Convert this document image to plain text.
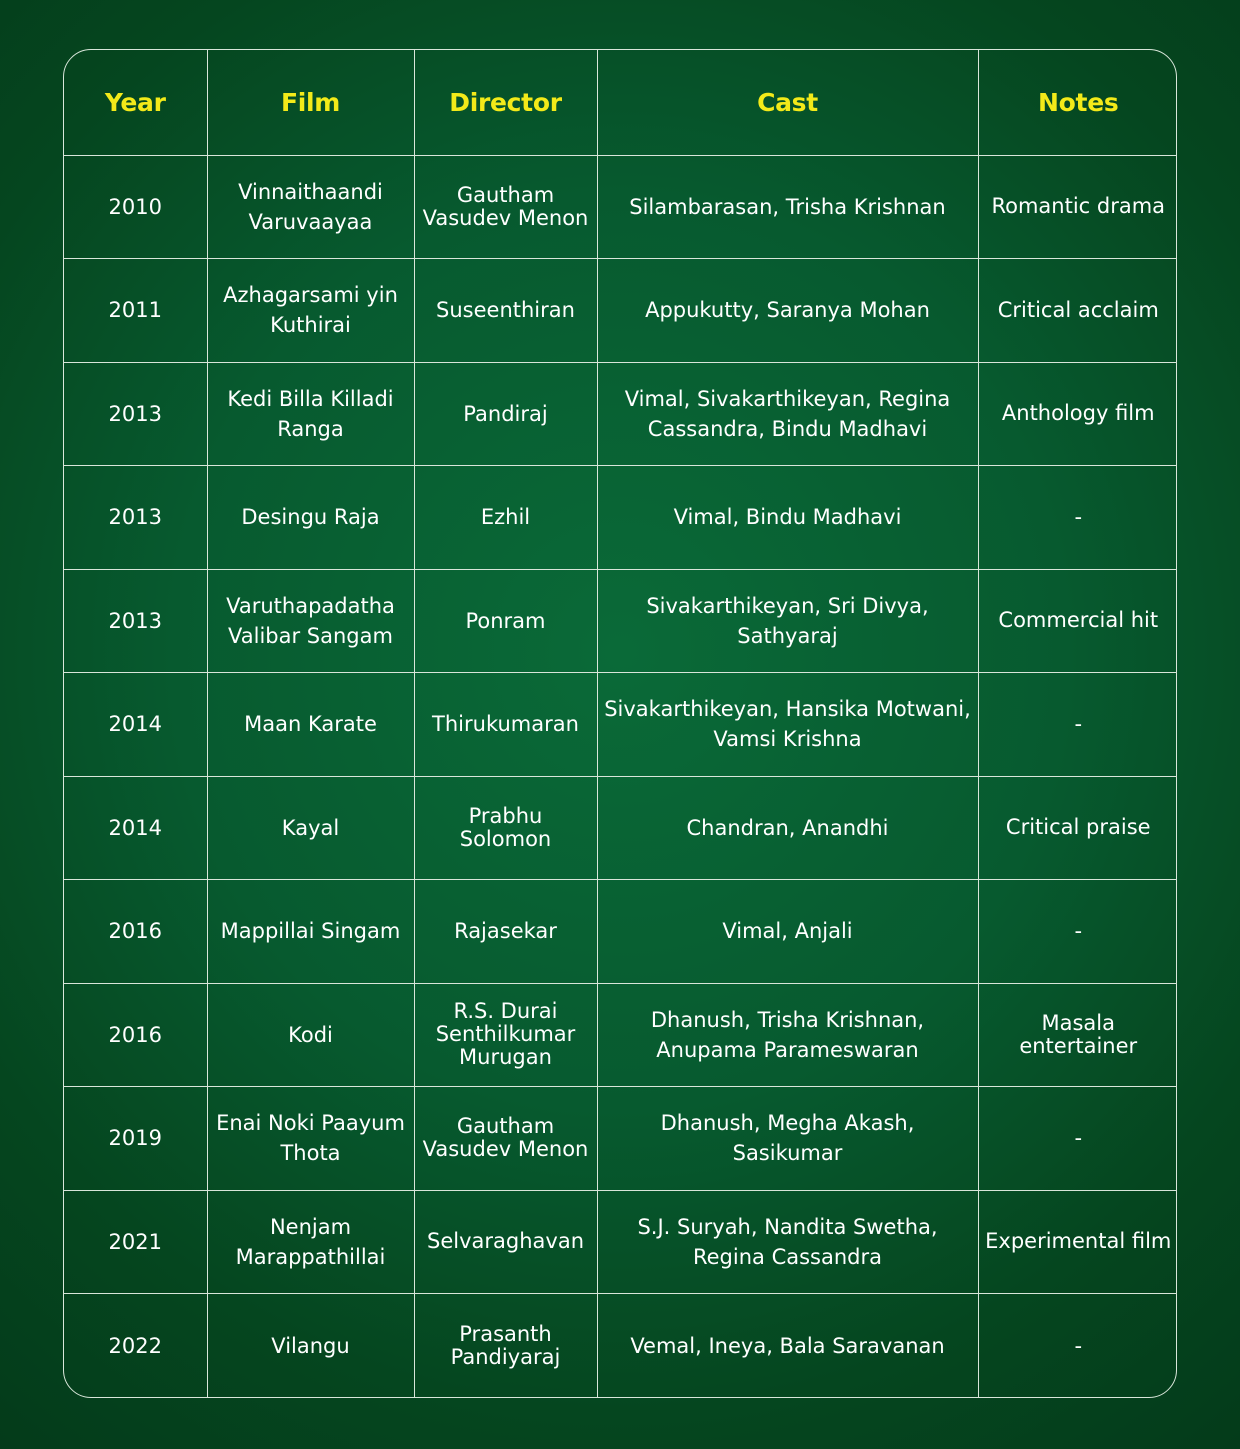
Year	Film	Director	Cast	Notes
2010	Vinnaithaandi Varuvaayaa	Gautham Vasudev Menon	Silambarasan, Trisha Krishnan	Romantic drama
2011	Azhagarsami yin Kuthirai	Suseenthiran	Appukutty, Saranya Mohan	Critical acclaim
2013	Kedi Billa Killadi Ranga	Pandiraj	Vimal, Sivakarthikeyan, Regina Cassandra, Bindu Madhavi	Anthology film
2013	Desingu Raja	Ezhil	Vimal, Bindu Madhavi	-
2013	Varuthapadatha Valibar Sangam	Ponram	Sivakarthikeyan, Sri Divya, Sathyaraj	Commercial hit
2014	Maan Karate	Thirukumaran	Sivakarthikeyan, Hansika Motwani, Vamsi Krishna	-
2014	Kayal	Prabhu Solomon	Chandran, Anandhi	Critical praise
2016	Mappillai Singam	Rajasekar	Vimal, Anjali	-
2016	Kodi	R.S. Durai Senthilkumar Murugan	Dhanush, Trisha Krishnan, Anupama Parameswaran	Masala entertainer
2019	Enai Noki Paayum Thota	Gautham Vasudev Menon	Dhanush, Megha Akash, Sasikumar	-
2021	Nenjam Marappathillai	Selvaraghavan	S.J. Suryah, Nandita Swetha, Regina Cassandra	Experimental film
2022	Vilangu	Prasanth Pandiyaraj	Vemal, Ineya, Bala Saravanan	-
